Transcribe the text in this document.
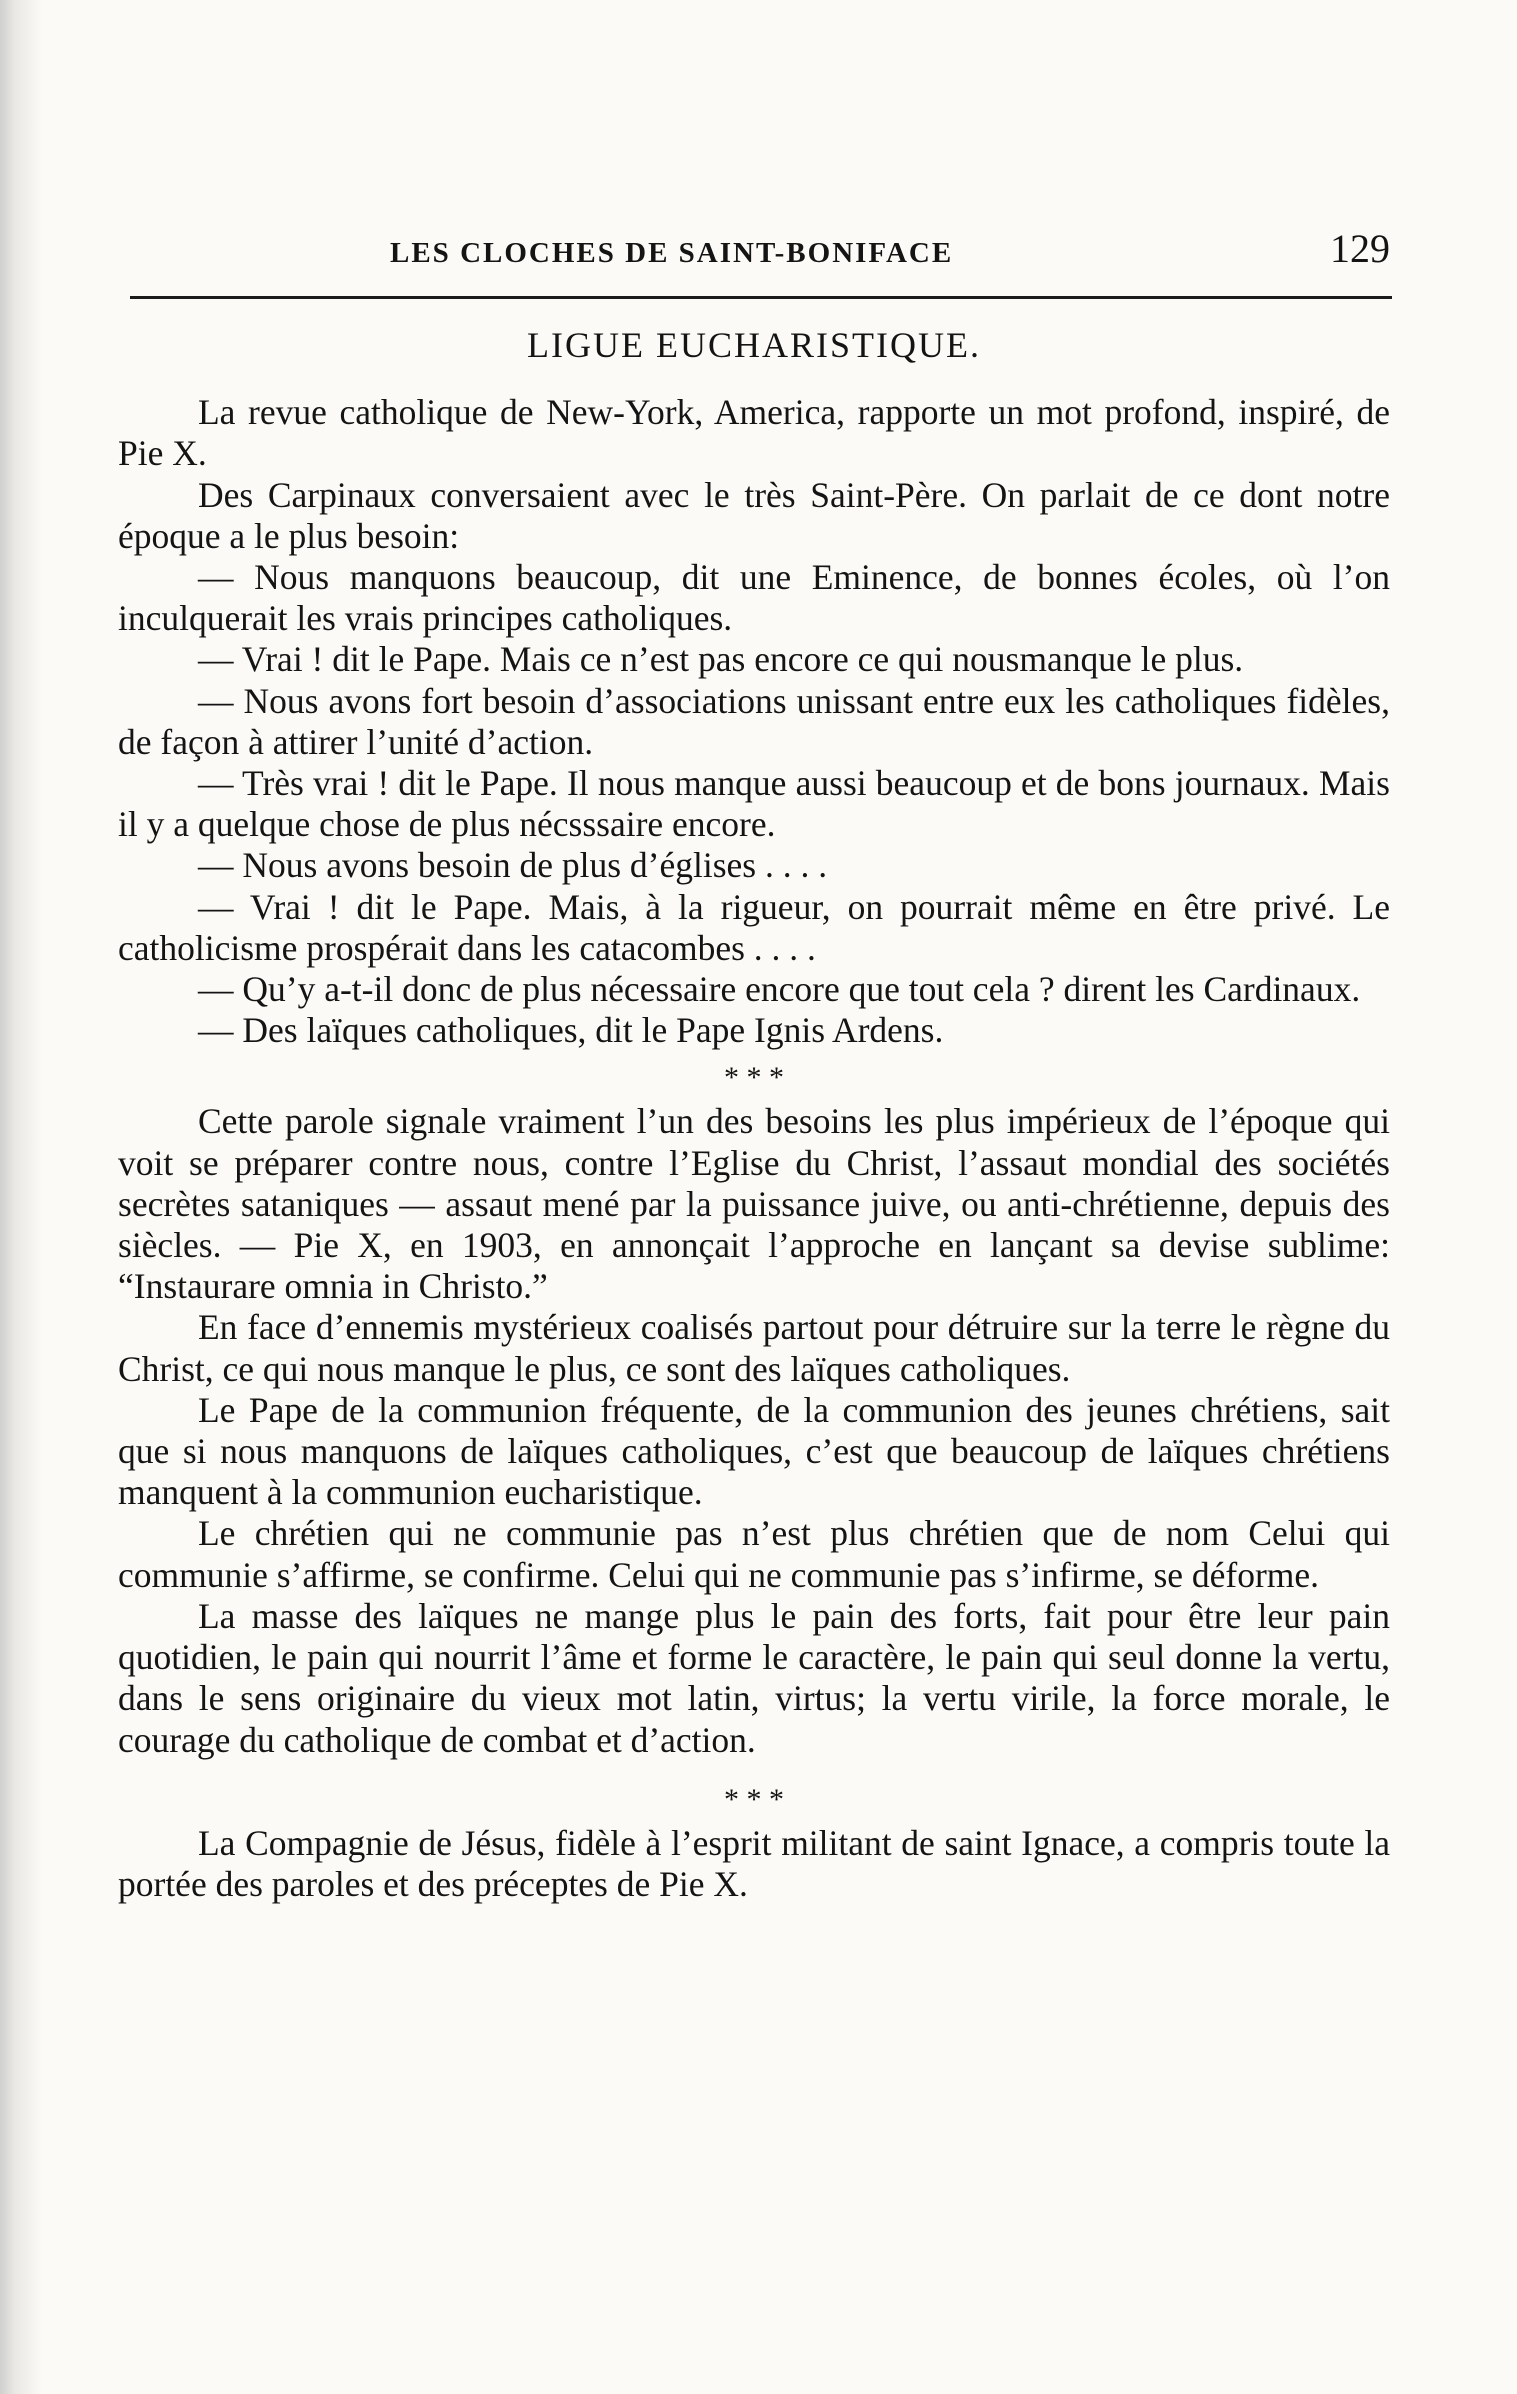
LES CLOCHES DE SAINT-BONIFACE	129
LIGUE EUCHARISTIQUE.

La revue catholique de New-York, America, rapporte un mot profond, inspiré, de Pie X.

Des Carpinaux conversaient avec le très Saint-Père. On parlait de ce dont notre époque a le plus besoin:

— Nous manquons beaucoup, dit une Eminence, de bonnes écoles, où l’on inculquerait les vrais principes catholiques.

— Vrai ! dit le Pape. Mais ce n’est pas encore ce qui nousmanque le plus.

— Nous avons fort besoin d’associations unissant entre eux les catholiques fidèles, de façon à attirer l’unité d’action.

— Très vrai ! dit le Pape. Il nous manque aussi beaucoup et de bons journaux. Mais il y a quelque chose de plus nécsssaire encore.

— Nous avons besoin de plus d’églises . . . .

— Vrai ! dit le Pape. Mais, à la rigueur, on pourrait même en être privé. Le catholicisme prospérait dans les catacombes . . . .

— Qu’y a-t-il donc de plus nécessaire encore que tout cela ? dirent les Cardinaux.

— Des laïques catholiques, dit le Pape Ignis Ardens.

* * *

Cette parole signale vraiment l’un des besoins les plus impérieux de l’époque qui voit se préparer contre nous, contre l’Eglise du Christ, l’assaut mondial des sociétés secrètes sataniques — assaut mené par la puissance juive, ou anti-chrétienne, depuis des siècles. — Pie X, en 1903, en annonçait l’approche en lançant sa devise sublime: “Instaurare omnia in Christo.”

En face d’ennemis mystérieux coalisés partout pour détruire sur la terre le règne du Christ, ce qui nous manque le plus, ce sont des laïques catholiques.

Le Pape de la communion fréquente, de la communion des jeunes chrétiens, sait que si nous manquons de laïques catholiques, c’est que beaucoup de laïques chrétiens manquent à la communion eucharistique.

Le chrétien qui ne communie pas n’est plus chrétien que de nom Celui qui communie s’affirme, se confirme. Celui qui ne communie pas s’infirme, se déforme.

La masse des laïques ne mange plus le pain des forts, fait pour être leur pain quotidien, le pain qui nourrit l’âme et forme le caractère, le pain qui seul donne la vertu, dans le sens originaire du vieux mot latin, virtus; la vertu virile, la force morale, le courage du catholique de combat et d’action.

* * *

La Compagnie de Jésus, fidèle à l’esprit militant de saint Ignace, a compris toute la portée des paroles et des préceptes de Pie X.
